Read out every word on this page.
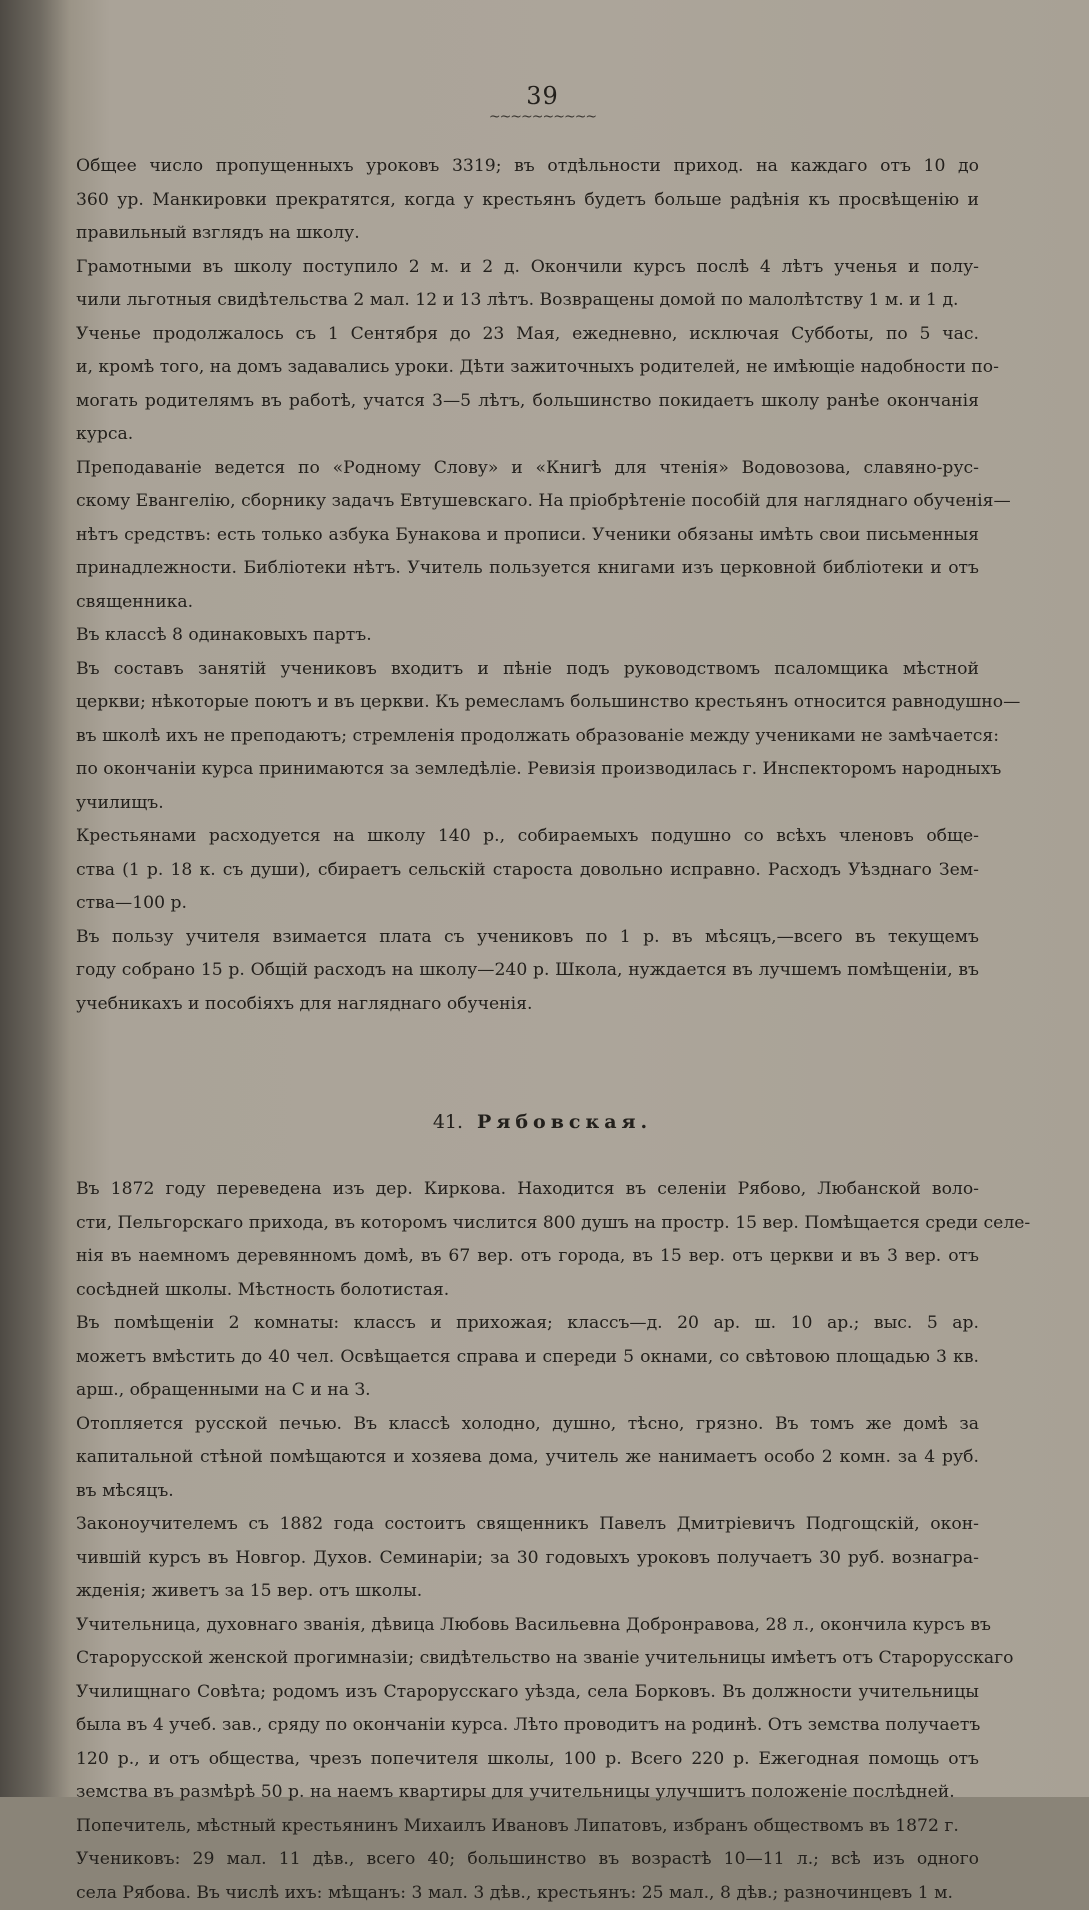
39
~~~~~~~~~~
Общее число пропущенныхъ уроковъ 3319; въ отдѣльности приход. на каждаго отъ 10 до
360 ур. Манкировки прекратятся, когда у крестьянъ будетъ больше радѣнія къ просвѣщенію и
правильный взглядъ на школу.
Грамотными въ школу поступило 2 м. и 2 д. Окончили курсъ послѣ 4 лѣтъ ученья и полу-
чили льготныя свидѣтельства 2 мал. 12 и 13 лѣтъ. Возвращены домой по малолѣтству 1 м. и 1 д.
Ученье продолжалось съ 1 Сентября до 23 Мая, ежедневно, исключая Субботы, по 5 час.
и, кромѣ того, на домъ задавались уроки. Дѣти зажиточныхъ родителей, не имѣющіе надобности по-
могать родителямъ въ работѣ, учатся 3—5 лѣтъ, большинство покидаетъ школу ранѣе окончанія
курса.
Преподаваніе ведется по «Родному Слову» и «Книгѣ для чтенія» Водовозова, славяно-рус-
скому Евангелію, сборнику задачъ Евтушевскаго. На пріобрѣтеніе пособій для нагляднаго обученія—
нѣтъ средствъ: есть только азбука Бунакова и прописи. Ученики обязаны имѣть свои письменныя
принадлежности. Библіотеки нѣтъ. Учитель пользуется книгами изъ церковной библіотеки и отъ
священника.
Въ классѣ 8 одинаковыхъ партъ.
Въ составъ занятій учениковъ входитъ и пѣніе подъ руководствомъ псаломщика мѣстной
церкви; нѣкоторые поютъ и въ церкви. Къ ремесламъ большинство крестьянъ относится равнодушно—
въ школѣ ихъ не преподаютъ; стремленія продолжать образованіе между учениками не замѣчается:
по окончаніи курса принимаются за земледѣліе. Ревизія производилась г. Инспекторомъ народныхъ
училищъ.
Крестьянами расходуется на школу 140 р., собираемыхъ подушно со всѣхъ членовъ обще-
ства (1 р. 18 к. съ души), сбираетъ сельскій староста довольно исправно. Расходъ Уѣзднаго Зем-
ства—100 р.
Въ пользу учителя взимается плата съ учениковъ по 1 р. въ мѣсяцъ,—всего въ текущемъ
году собрано 15 р. Общій расходъ на школу—240 р. Школа, нуждается въ лучшемъ помѣщеніи, въ
учебникахъ и пособіяхъ для нагляднаго обученія.
41. Рябовская.
Въ 1872 году переведена изъ дер. Киркова. Находится въ селеніи Рябово, Любанской воло-
сти, Пельгорскаго прихода, въ которомъ числится 800 душъ на простр. 15 вер. Помѣщается среди селе-
нія въ наемномъ деревянномъ домѣ, въ 67 вер. отъ города, въ 15 вер. отъ церкви и въ 3 вер. отъ
сосѣдней школы. Мѣстность болотистая.
Въ помѣщеніи 2 комнаты: классъ и прихожая; классъ—д. 20 ар. ш. 10 ар.; выс. 5 ар.
можетъ вмѣстить до 40 чел. Освѣщается справа и спереди 5 окнами, со свѣтовою площадью 3 кв.
арш., обращенными на С и на З.
Отопляется русской печью. Въ классѣ холодно, душно, тѣсно, грязно. Въ томъ же домѣ за
капитальной стѣной помѣщаются и хозяева дома, учитель же нанимаетъ особо 2 комн. за 4 руб.
въ мѣсяцъ.
Законоучителемъ съ 1882 года состоитъ священникъ Павелъ Дмитріевичъ Подгощскій, окон-
чившій курсъ въ Новгор. Духов. Семинаріи; за 30 годовыхъ уроковъ получаетъ 30 руб. вознагра-
жденія; живетъ за 15 вер. отъ школы.
Учительница, духовнаго званія, дѣвица Любовь Васильевна Добронравова, 28 л., окончила курсъ въ
Старорусской женской прогимназіи; свидѣтельство на званіе учительницы имѣетъ отъ Старорусскаго
Училищнаго Совѣта; родомъ изъ Старорусскаго уѣзда, села Борковъ. Въ должности учительницы
была въ 4 учеб. зав., сряду по окончаніи курса. Лѣто проводитъ на родинѣ. Отъ земства получаетъ
120 р., и отъ общества, чрезъ попечителя школы, 100 р. Всего 220 р. Ежегодная помощь отъ
земства въ размѣрѣ 50 р. на наемъ квартиры для учительницы улучшитъ положеніе послѣдней.
Попечитель, мѣстный крестьянинъ Михаилъ Ивановъ Липатовъ, избранъ обществомъ въ 1872 г.
Учениковъ: 29 мал. 11 дѣв., всего 40; большинство въ возрастѣ 10—11 л.; всѣ изъ одного
села Рябова. Въ числѣ ихъ: мѣщанъ: 3 мал. 3 дѣв., крестьянъ: 25 мал., 8 дѣв.; разночинцевъ 1 м.
